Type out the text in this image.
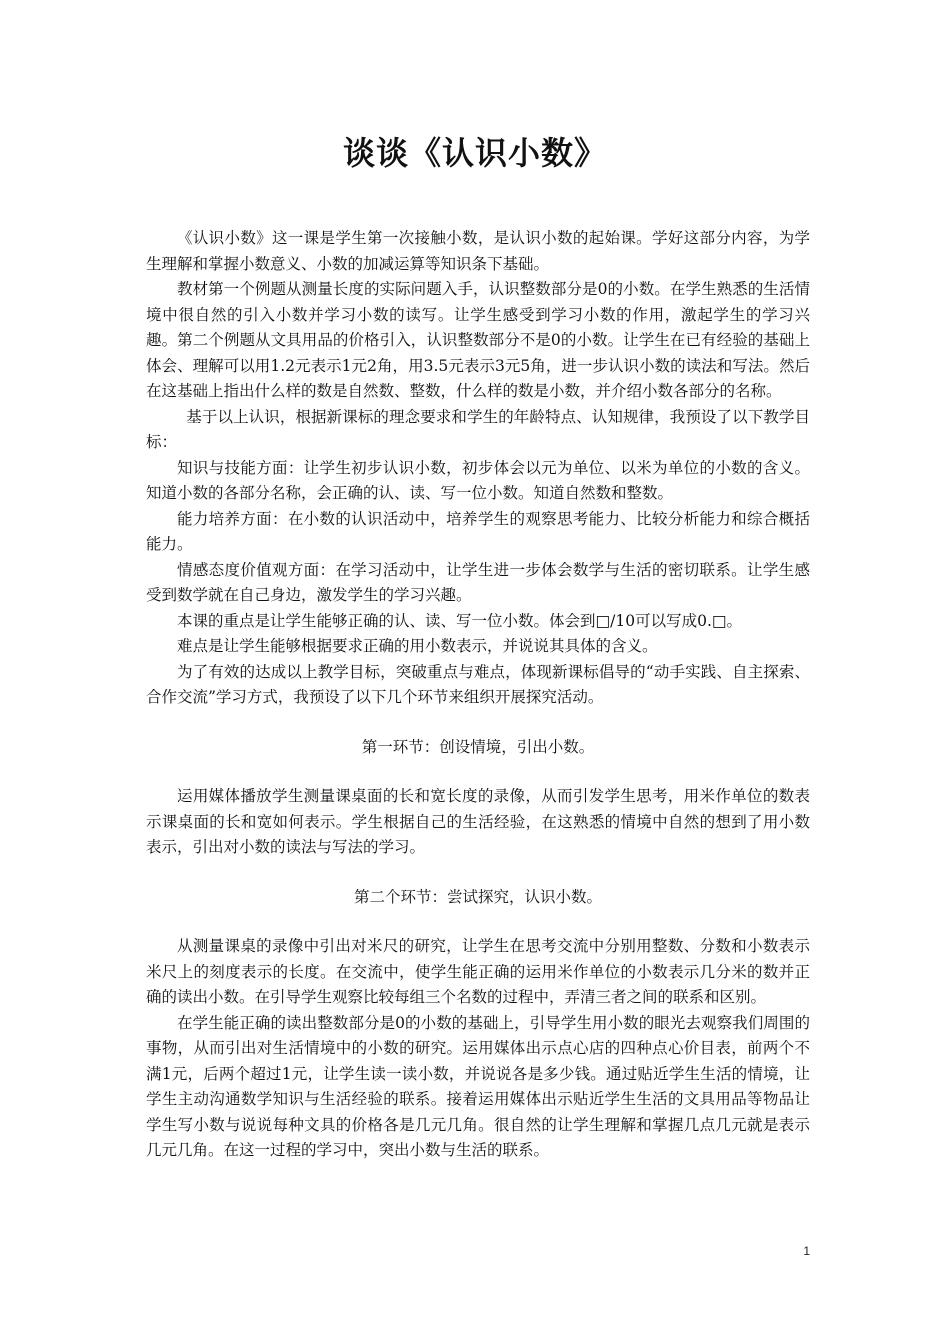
谈谈《认识小数》

《认识小数》这一课是学生第一次接触小数，是认识小数的起始课。学好这部分内容，为学生理解和掌握小数意义、小数的加减运算等知识条下基础。

教材第一个例题从测量长度的实际问题入手，认识整数部分是0的小数。在学生熟悉的生活情境中很自然的引入小数并学习小数的读写。让学生感受到学习小数的作用，激起学生的学习兴趣。第二个例题从文具用品的价格引入，认识整数部分不是0的小数。让学生在已有经验的基础上体会、理解可以用1.2元表示1元2角，用3.5元表示3元5角，进一步认识小数的读法和写法。然后在这基础上指出什么样的数是自然数、整数，什么样的数是小数，并介绍小数各部分的名称。

基于以上认识，根据新课标的理念要求和学生的年龄特点、认知规律，我预设了以下教学目标：

知识与技能方面：让学生初步认识小数，初步体会以元为单位、以米为单位的小数的含义。知道小数的各部分名称，会正确的认、读、写一位小数。知道自然数和整数。

能力培养方面：在小数的认识活动中，培养学生的观察思考能力、比较分析能力和综合概括能力。

情感态度价值观方面：在学习活动中，让学生进一步体会数学与生活的密切联系。让学生感受到数学就在自己身边，激发学生的学习兴趣。

本课的重点是让学生能够正确的认、读、写一位小数。体会到□/10可以写成0.□。

难点是让学生能够根据要求正确的用小数表示，并说说其具体的含义。

为了有效的达成以上教学目标，突破重点与难点，体现新课标倡导的“动手实践、自主探索、合作交流”学习方式，我预设了以下几个环节来组织开展探究活动。

第一环节：创设情境，引出小数。

运用媒体播放学生测量课桌面的长和宽长度的录像，从而引发学生思考，用米作单位的数表示课桌面的长和宽如何表示。学生根据自己的生活经验，在这熟悉的情境中自然的想到了用小数表示，引出对小数的读法与写法的学习。

第二个环节：尝试探究，认识小数。

从测量课桌的录像中引出对米尺的研究，让学生在思考交流中分别用整数、分数和小数表示米尺上的刻度表示的长度。在交流中，使学生能正确的运用米作单位的小数表示几分米的数并正确的读出小数。在引导学生观察比较每组三个名数的过程中，弄清三者之间的联系和区别。

在学生能正确的读出整数部分是0的小数的基础上，引导学生用小数的眼光去观察我们周围的事物，从而引出对生活情境中的小数的研究。运用媒体出示点心店的四种点心价目表，前两个不满1元，后两个超过1元，让学生读一读小数，并说说各是多少钱。通过贴近学生生活的情境，让学生主动沟通数学知识与生活经验的联系。接着运用媒体出示贴近学生生活的文具用品等物品让学生写小数与说说每种文具的价格各是几元几角。很自然的让学生理解和掌握几点几元就是表示几元几角。在这一过程的学习中，突出小数与生活的联系。

1
